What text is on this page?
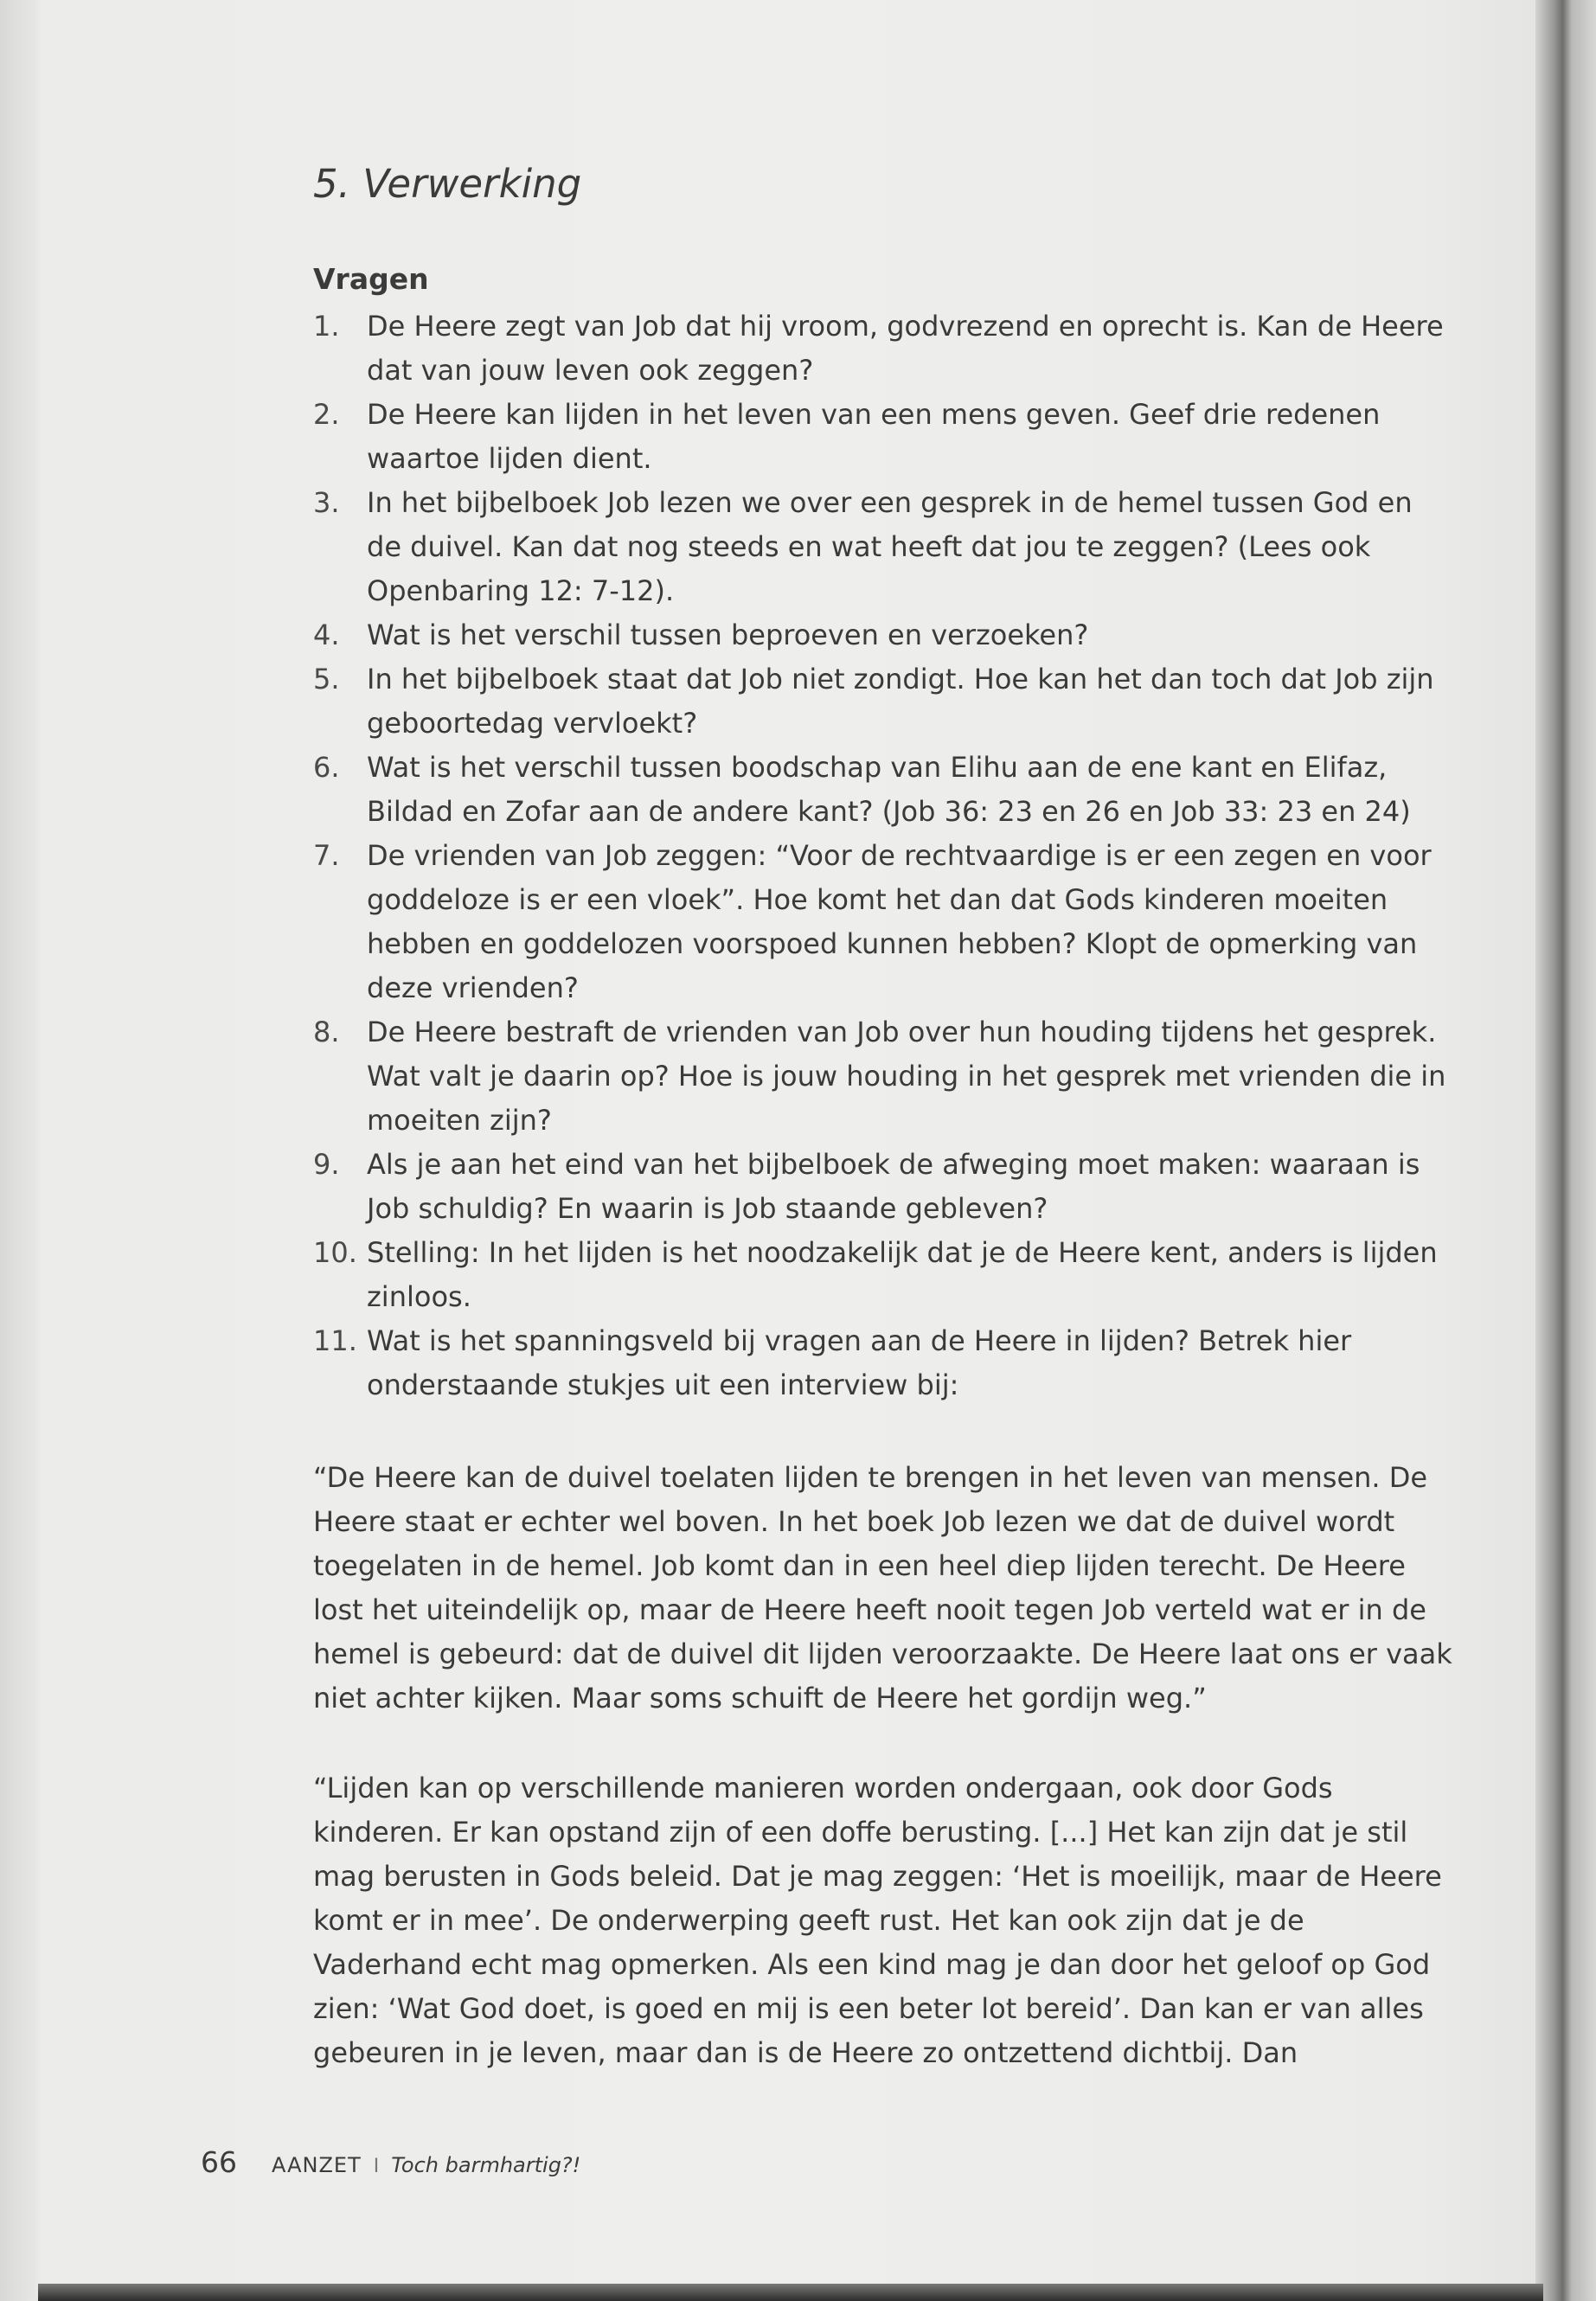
5. Verwerking
Vragen
1. De Heere zegt van Job dat hij vroom, godvrezend en oprecht is. Kan de Heere dat van jouw leven ook zeggen?
2. De Heere kan lijden in het leven van een mens geven. Geef drie redenen waartoe lijden dient.
3. In het bijbelboek Job lezen we over een gesprek in de hemel tussen God en de duivel. Kan dat nog steeds en wat heeft dat jou te zeggen? (Lees ook Openbaring 12: 7-12).
4. Wat is het verschil tussen beproeven en verzoeken?
5. In het bijbelboek staat dat Job niet zondigt. Hoe kan het dan toch dat Job zijn geboortedag vervloekt?
6. Wat is het verschil tussen boodschap van Elihu aan de ene kant en Elifaz, Bildad en Zofar aan de andere kant? (Job 36: 23 en 26 en Job 33: 23 en 24)
7. De vrienden van Job zeggen: “Voor de rechtvaardige is er een zegen en voor goddeloze is er een vloek”. Hoe komt het dan dat Gods kinderen moeiten hebben en goddelozen voorspoed kunnen hebben? Klopt de opmerking van deze vrienden?
8. De Heere bestraft de vrienden van Job over hun houding tijdens het gesprek. Wat valt je daarin op? Hoe is jouw houding in het gesprek met vrienden die in moeiten zijn?
9. Als je aan het eind van het bijbelboek de afweging moet maken: waaraan is Job schuldig? En waarin is Job staande gebleven?
10. Stelling: In het lijden is het noodzakelijk dat je de Heere kent, anders is lijden zinloos.
11. Wat is het spanningsveld bij vragen aan de Heere in lijden? Betrek hier onderstaande stukjes uit een interview bij:

“De Heere kan de duivel toelaten lijden te brengen in het leven van mensen. De Heere staat er echter wel boven. In het boek Job lezen we dat de duivel wordt toegelaten in de hemel. Job komt dan in een heel diep lijden terecht. De Heere lost het uiteindelijk op, maar de Heere heeft nooit tegen Job verteld wat er in de hemel is gebeurd: dat de duivel dit lijden veroorzaakte. De Heere laat ons er vaak niet achter kijken. Maar soms schuift de Heere het gordijn weg.”

“Lijden kan op verschillende manieren worden ondergaan, ook door Gods kinderen. Er kan opstand zijn of een doffe berusting. [...] Het kan zijn dat je stil mag berusten in Gods beleid. Dat je mag zeggen: ‘Het is moeilijk, maar de Heere komt er in mee’. De onderwerping geeft rust. Het kan ook zijn dat je de Vaderhand echt mag opmerken. Als een kind mag je dan door het geloof op God zien: ‘Wat God doet, is goed en mij is een beter lot bereid’. Dan kan er van alles gebeuren in je leven, maar dan is de Heere zo ontzettend dichtbij. Dan

66 AANZET I Toch barmhartig?!
